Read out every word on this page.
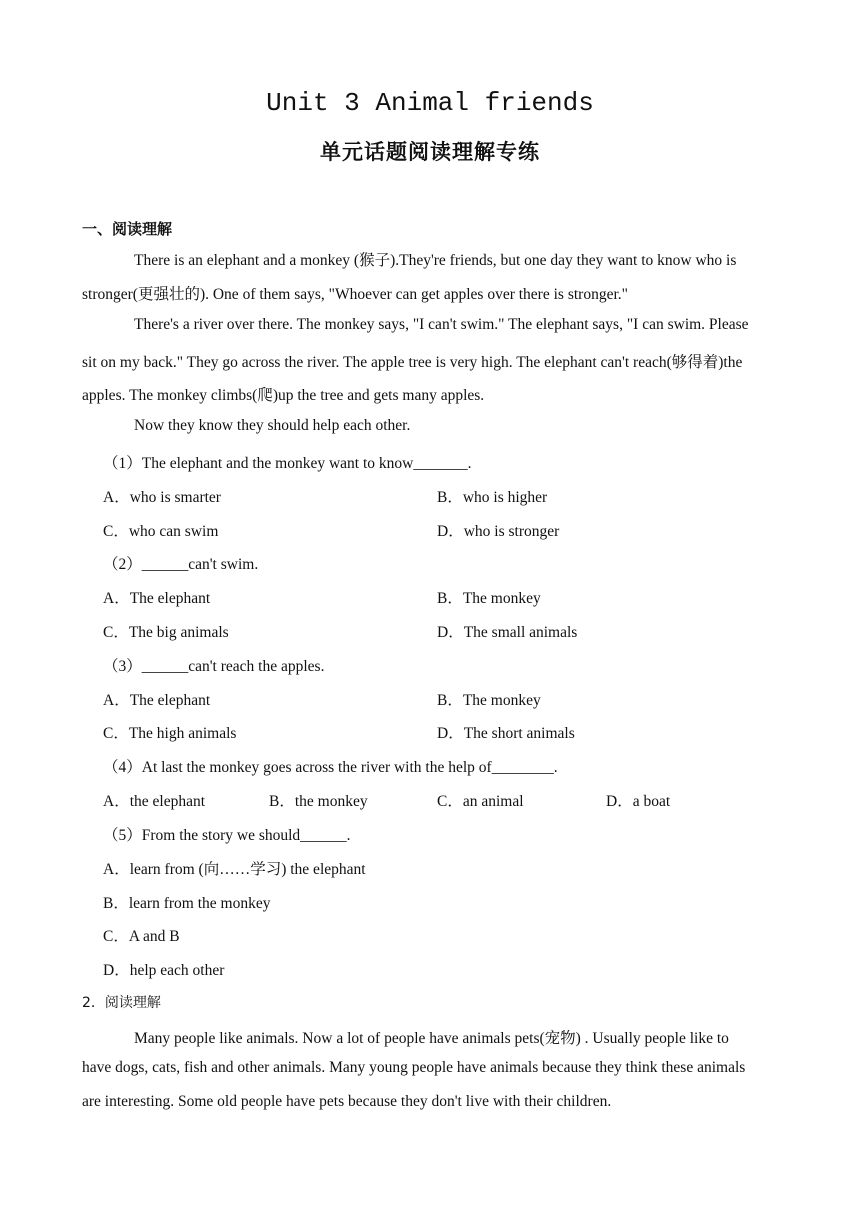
Unit 3 Animal friends
单元话题阅读理解专练
一、阅读理解
There is an elephant and a monkey (猴子).They're friends, but one day they want to know who is
stronger(更强壮的). One of them says, "Whoever can get apples over there is stronger."
There's a river over there. The monkey says, "I can't swim." The elephant says, "I can swim. Please
sit on my back." They go across the river. The apple tree is very high. The elephant can't reach(够得着)the
apples. The monkey climbs(爬)up the tree and gets many apples.
Now they know they should help each other.
（1）The elephant and the monkey want to know_______.
A．who is smarter	B．who is higher
C．who can swim	D．who is stronger
（2）______can't swim.
A．The elephant	B．The monkey
C．The big animals	D．The small animals
（3）______can't reach the apples.
A．The elephant	B．The monkey
C．The high animals	D．The short animals
（4）At last the monkey goes across the river with the help of________.
A．the elephant	B．the monkey	C．an animal	D．a boat
（5）From the story we should______.
A．learn from (向……学习) the elephant
B．learn from the monkey
C．A and B
D．help each other
2．阅读理解
Many people like animals. Now a lot of people have animals pets(宠物) . Usually people like to
have dogs, cats, fish and other animals. Many young people have animals because they think these animals
are interesting. Some old people have pets because they don't live with their children.
